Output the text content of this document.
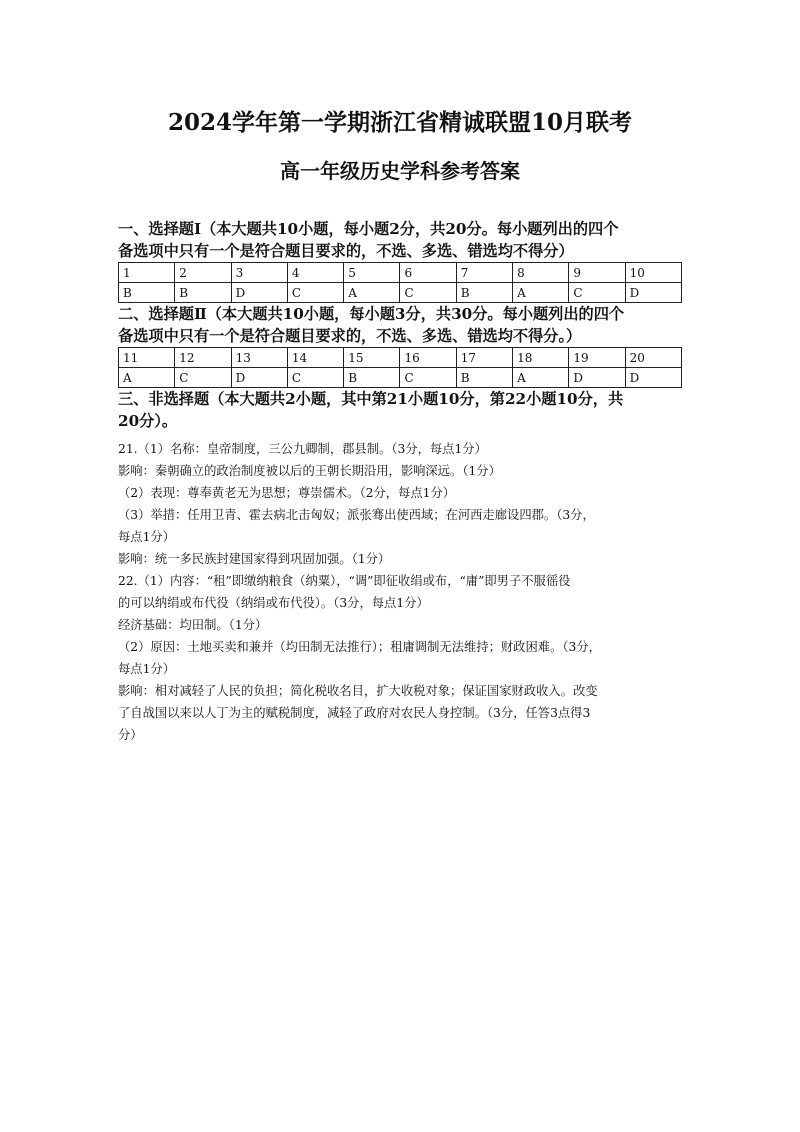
2024学年第一学期浙江省精诚联盟10月联考
高一年级历史学科参考答案

一、选择题Ⅰ（本大题共10小题，每小题2分，共20分。每小题列出的四个
备选项中只有一个是符合题目要求的，不选、多选、错选均不得分）

1	2	3	4	5	6	7	8	9	10
B	B	D	C	A	C	B	A	C	D

二、选择题Ⅱ（本大题共10小题，每小题3分，共30分。每小题列出的四个
备选项中只有一个是符合题目要求的，不选、多选、错选均不得分。）

11	12	13	14	15	16	17	18	19	20
A	C	D	C	B	C	B	A	D	D

三、非选择题（本大题共2小题，其中第21小题10分，第22小题10分，共
20分）。

21.（1）名称：皇帝制度，三公九卿制，郡县制。（3分，每点1分）

影响：秦朝确立的政治制度被以后的王朝长期沿用，影响深远。（1分）

（2）表现：尊奉黄老无为思想；尊崇儒术。（2分，每点1分）

（3）举措：任用卫青、霍去病北击匈奴；派张骞出使西域；在河西走廊设四郡。（3分，

每点1分）

影响：统一多民族封建国家得到巩固加强。（1分）

22.（1）内容：“租”即缴纳粮食（纳粟），“调”即征收绢或布，“庸”即男子不服徭役

的可以纳绢或布代役（纳绢或布代役）。（3分，每点1分）

经济基础：均田制。（1分）

（2）原因：土地买卖和兼并（均田制无法推行）；租庸调制无法维持；财政困难。（3分，

每点1分）

影响：相对减轻了人民的负担；简化税收名目，扩大收税对象；保证国家财政收入。改变

了自战国以来以人丁为主的赋税制度，减轻了政府对农民人身控制。（3分，任答3点得3

分）
